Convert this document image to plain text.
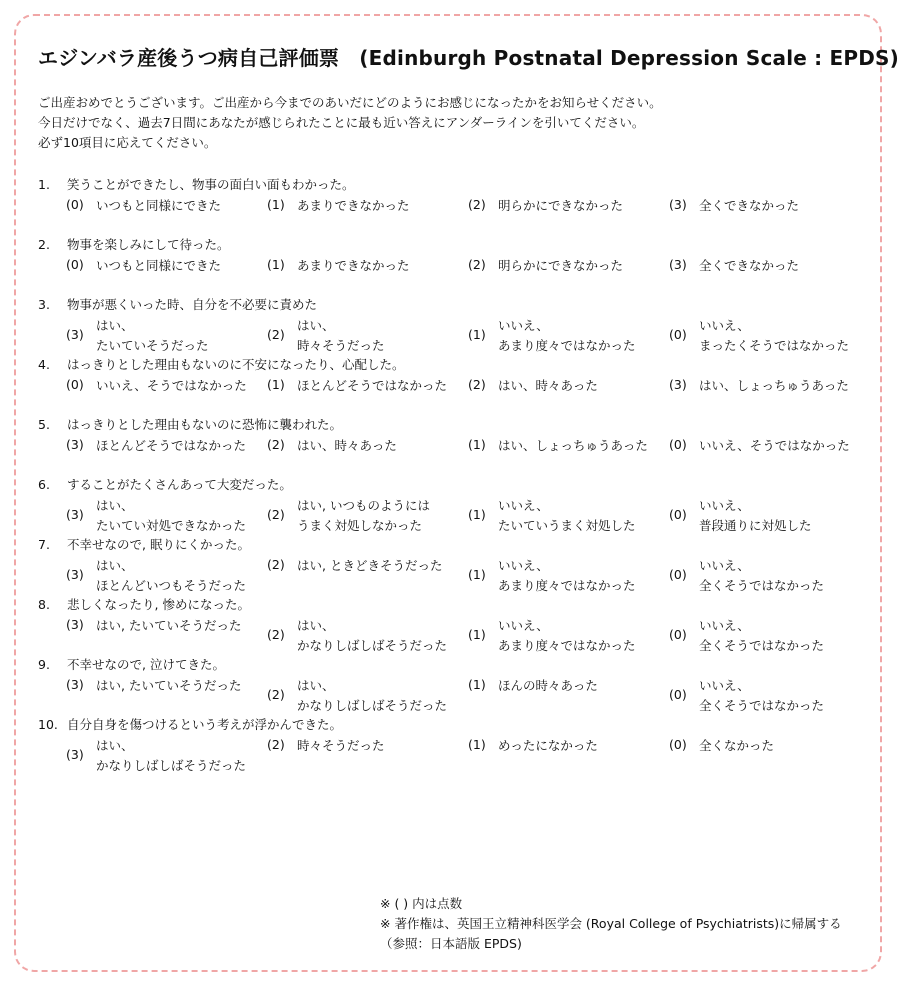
エジンバラ産後うつ病自己評価票　(Edinburgh Postnatal Depression Scale : EPDS)
ご出産おめでとうございます。ご出産から今までのあいだにどのようにお感じになったかをお知らせください。
今日だけでなく、過去7日間にあなたが感じられたことに最も近い答えにアンダーラインを引いてください。
必ず10項目に応えてください。
1. 笑うことができたし、物事の面白い面もわかった。
(0) いつもと同様にできた	(1) あまりできなかった	(2) 明らかにできなかった	(3) 全くできなかった
2. 物事を楽しみにして待った。
(0) いつもと同様にできた	(1) あまりできなかった	(2) 明らかにできなかった	(3) 全くできなかった
3. 物事が悪くいった時、自分を不必要に責めた
(3)
はい、
たいていそうだった
(2)
はい、
時々そうだった
(1)
いいえ、
あまり度々ではなかった
(0)
いいえ、
まったくそうではなかった
4. はっきりとした理由もないのに不安になったり、心配した。
(0) いいえ、そうではなかった (1) ほとんどそうではなかった (2) はい、時々あった	(3) はい、しょっちゅうあった
5. はっきりとした理由もないのに恐怖に襲われた。
(3) ほとんどそうではなかった (2) はい、時々あった	(1) はい、しょっちゅうあった (0) いいえ、そうではなかった
6. することがたくさんあって大変だった。
(3)
はい、
たいてい対処できなかった
(2)
はい, いつものようには
うまく対処しなかった
(1)
いいえ、
たいていうまく対処した
(0)
いいえ、
普段通りに対処した
7. 不幸せなので, 眠りにくかった。
(3)
はい、
ほとんどいつもそうだった
(2) はい, ときどきそうだった
(1)
いいえ、
あまり度々ではなかった
(0)
いいえ、
全くそうではなかった
8. 悲しくなったり, 惨めになった。
(3) はい, たいていそうだった
(2)
はい、
かなりしばしばそうだった
(1)
いいえ、
あまり度々ではなかった
(0)
いいえ、
全くそうではなかった
9. 不幸せなので, 泣けてきた。
(3) はい, たいていそうだった
(2)
はい、
かなりしばしばそうだった
(1) ほんの時々あった
(0)
いいえ、
全くそうではなかった
10. 自分自身を傷つけるという考えが浮かんできた。
(3)
はい、
かなりしばしばそうだった
(2) 時々そうだった	(1) めったになかった	(0) 全くなかった
※ ( ) 内は点数
※ 著作権は、英国王立精神科医学会 (Royal College of Psychiatrists)に帰属する
（参照：日本語版 EPDS)
